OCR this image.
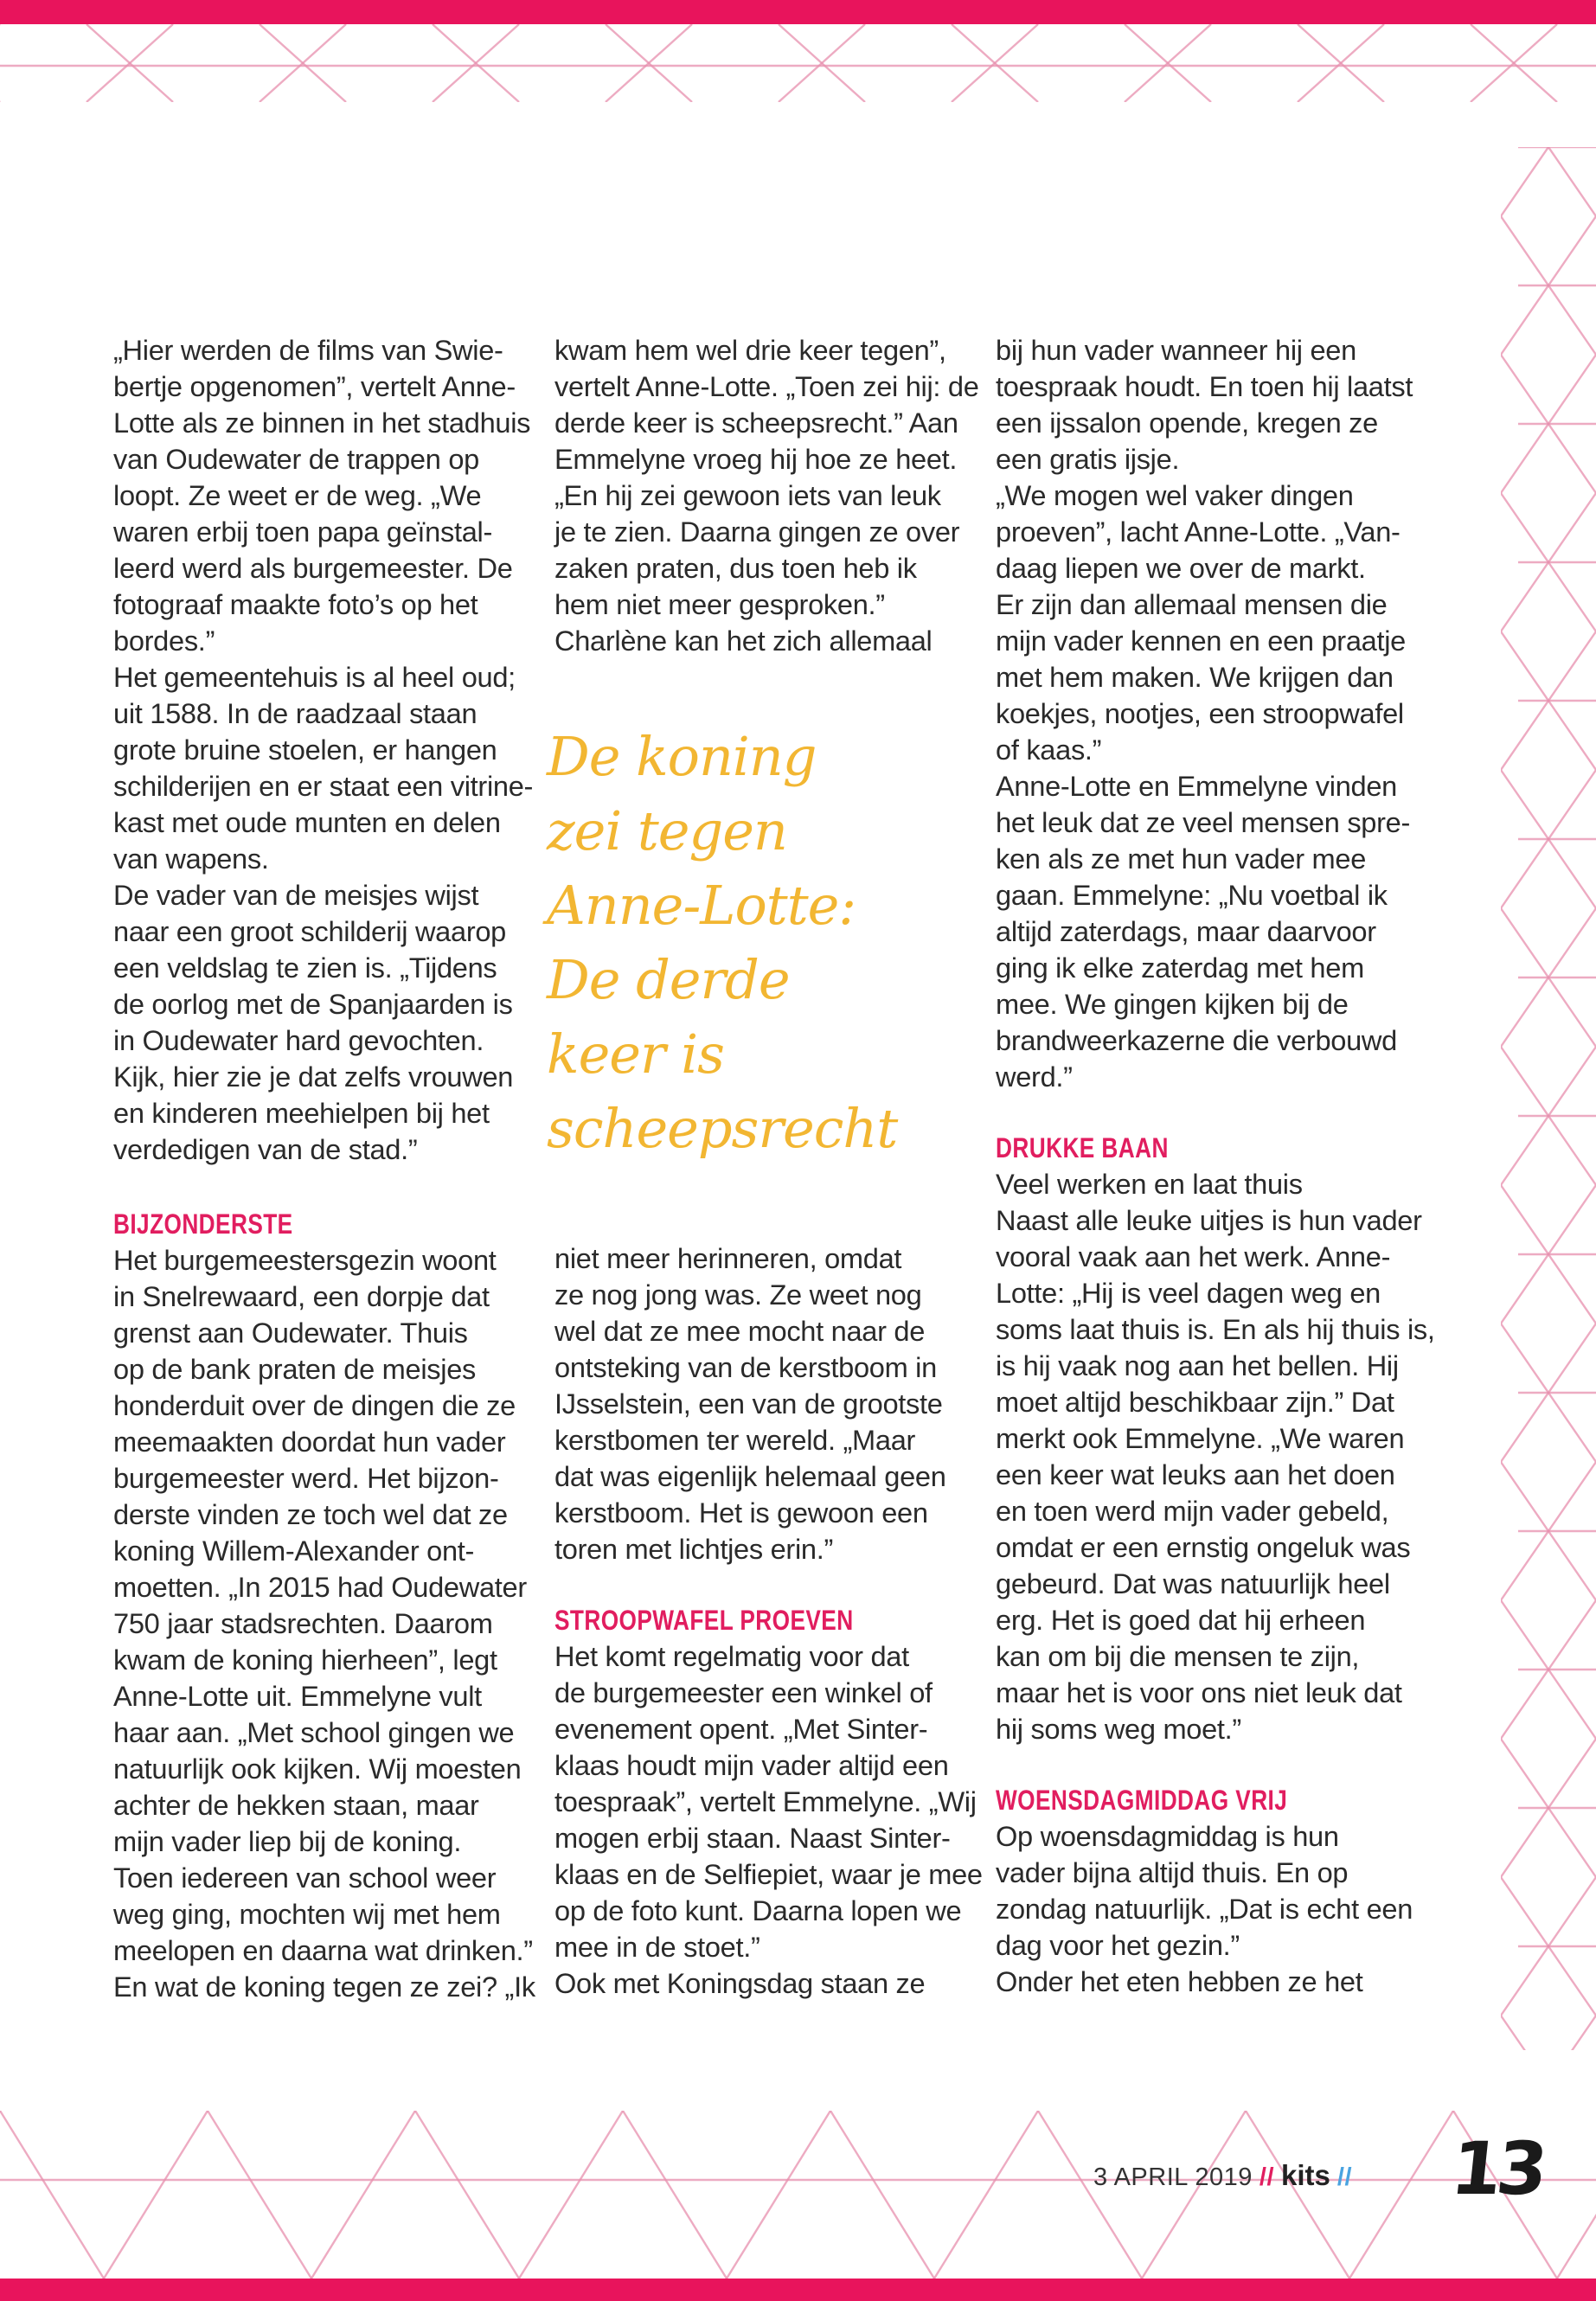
„Hier werden de films van Swie-
bertje opgenomen”, vertelt Anne-
Lotte als ze binnen in het stadhuis
van Oudewater de trappen op
loopt. Ze weet er de weg. „We
waren erbij toen papa geïnstal-
leerd werd als burgemeester. De
fotograaf maakte foto’s op het
bordes.”
Het gemeentehuis is al heel oud;
uit 1588. In de raadzaal staan
grote bruine stoelen, er hangen
schilderijen en er staat een vitrine-
kast met oude munten en delen
van wapens.
De vader van de meisjes wijst
naar een groot schilderij waarop
een veldslag te zien is. „Tijdens
de oorlog met de Spanjaarden is
in Oudewater hard gevochten.
Kijk, hier zie je dat zelfs vrouwen
en kinderen meehielpen bij het
verdedigen van de stad.”
BIJZONDERSTE
Het burgemeestersgezin woont
in Snelrewaard, een dorpje dat
grenst aan Oudewater. Thuis
op de bank praten de meisjes
honderduit over de dingen die ze
meemaakten doordat hun vader
burgemeester werd. Het bijzon-
derste vinden ze toch wel dat ze
koning Willem-Alexander ont-
moetten. „In 2015 had Oudewater
750 jaar stadsrechten. Daarom
kwam de koning hierheen”, legt
Anne-Lotte uit. Emmelyne vult
haar aan. „Met school gingen we
natuurlijk ook kijken. Wij moesten
achter de hekken staan, maar
mijn vader liep bij de koning.
Toen iedereen van school weer
weg ging, mochten wij met hem
meelopen en daarna wat drinken.”
En wat de koning tegen ze zei? „Ik
kwam hem wel drie keer tegen”,
vertelt Anne-Lotte. „Toen zei hij: de
derde keer is scheepsrecht.” Aan
Emmelyne vroeg hij hoe ze heet.
„En hij zei gewoon iets van leuk
je te zien. Daarna gingen ze over
zaken praten, dus toen heb ik
hem niet meer gesproken.”
Charlène kan het zich allemaal
De koning
zei tegen
Anne-Lotte:
De derde
keer is
scheepsrecht
niet meer herinneren, omdat
ze nog jong was. Ze weet nog
wel dat ze mee mocht naar de
ontsteking van de kerstboom in
IJsselstein, een van de grootste
kerstbomen ter wereld. „Maar
dat was eigenlijk helemaal geen
kerstboom. Het is gewoon een
toren met lichtjes erin.”
STROOPWAFEL PROEVEN
Het komt regelmatig voor dat
de burgemeester een winkel of
evenement opent. „Met Sinter-
klaas houdt mijn vader altijd een
toespraak”, vertelt Emmelyne. „Wij
mogen erbij staan. Naast Sinter-
klaas en de Selfiepiet, waar je mee
op de foto kunt. Daarna lopen we
mee in de stoet.”
Ook met Koningsdag staan ze
bij hun vader wanneer hij een
toespraak houdt. En toen hij laatst
een ijssalon opende, kregen ze
een gratis ijsje.
„We mogen wel vaker dingen
proeven”, lacht Anne-Lotte. „Van-
daag liepen we over de markt.
Er zijn dan allemaal mensen die
mijn vader kennen en een praatje
met hem maken. We krijgen dan
koekjes, nootjes, een stroopwafel
of kaas.”
Anne-Lotte en Emmelyne vinden
het leuk dat ze veel mensen spre-
ken als ze met hun vader mee
gaan. Emmelyne: „Nu voetbal ik
altijd zaterdags, maar daarvoor
ging ik elke zaterdag met hem
mee. We gingen kijken bij de
brandweerkazerne die verbouwd
werd.”
DRUKKE BAAN
Veel werken en laat thuis
Naast alle leuke uitjes is hun vader
vooral vaak aan het werk. Anne-
Lotte: „Hij is veel dagen weg en
soms laat thuis is. En als hij thuis is,
is hij vaak nog aan het bellen. Hij
moet altijd beschikbaar zijn.” Dat
merkt ook Emmelyne. „We waren
een keer wat leuks aan het doen
en toen werd mijn vader gebeld,
omdat er een ernstig ongeluk was
gebeurd. Dat was natuurlijk heel
erg. Het is goed dat hij erheen
kan om bij die mensen te zijn,
maar het is voor ons niet leuk dat
hij soms weg moet.”
WOENSDAGMIDDAG VRIJ
Op woensdagmiddag is hun
vader bijna altijd thuis. En op
zondag natuurlijk. „Dat is echt een
dag voor het gezin.”
Onder het eten hebben ze het
3 APRIL 2019 // kits // 13
